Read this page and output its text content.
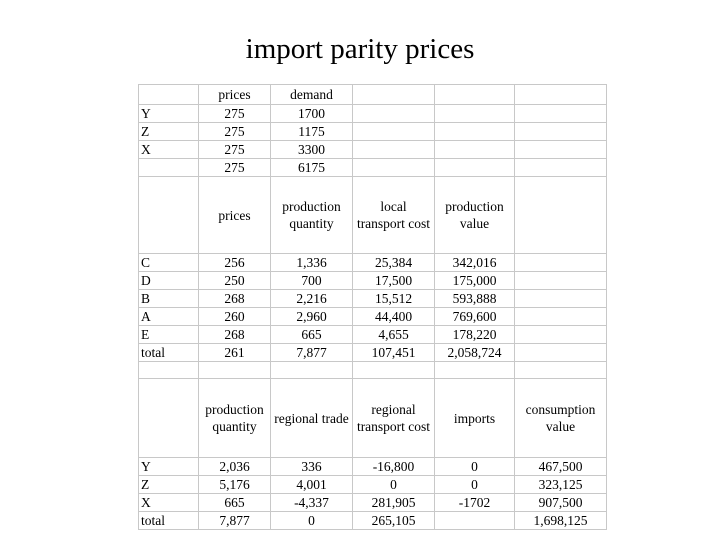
import parity prices
	prices	demand			
Y	275	1700			
Z	275	1175			
X	275	3300			
	275	6175			
	prices	production quantity	local transport cost	production value	
C	256	1,336	25,384	342,016	
D	250	700	17,500	175,000	
B	268	2,216	15,512	593,888	
A	260	2,960	44,400	769,600	
E	268	665	4,655	178,220	
total	261	7,877	107,451	2,058,724	

	production quantity	regional trade	regional transport cost	imports	consumption value
Y	2,036	336	-16,800	0	467,500
Z	5,176	4,001	0	0	323,125
X	665	-4,337	281,905	-1702	907,500
total	7,877	0	265,105		1,698,125
